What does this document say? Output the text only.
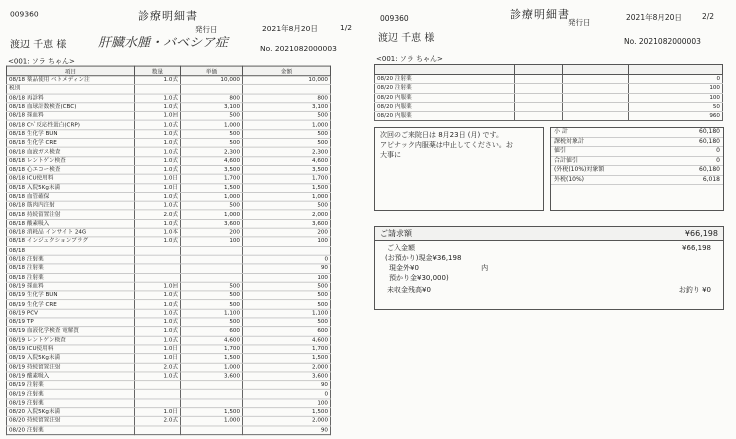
009360	診療明細書
発行日	2021年8月20日	1/2
渡辺 千恵 様 肝臓水腫・バベシア症	No. 2021082000003
<001: ソラ ちゃん>
項目	数量	単価	金額
08/18 薬品使用 ベトメディン注	1.0式	10,000	10,000
税別			
08/18 再診料	1.0式	800	800
08/18 血球計数検査(CBC)	1.0式	3,100	3,100
08/18 採血料	1.0回	500	500
08/18 Cﾊﾞ反応性蛋白(CRP)	1.0式	1,000	1,000
08/18 生化学 BUN	1.0式	500	500
08/18 生化学 CRE	1.0式	500	500
08/18 血液ガス検査	1.0式	2,300	2,300
08/18 レントゲン検査	1.0式	4,600	4,600
08/18 心エコー検査	1.0式	3,500	3,500
08/18 ICU使用料	1.0日	1,700	1,700
08/18 入院5Kg未満	1.0日	1,500	1,500
08/18 血管確保	1.0式	1,000	1,000
08/18 筋肉内注射	1.0式	500	500
08/18 持続留置注射	2.0式	1,000	2,000
08/18 酸素吸入	1.0式	3,600	3,600
08/18 消耗品 インサイト 24G	1.0本	200	200
08/18 インジェクションプラグ	1.0式	100	100
08/18			
08/18 注射薬			0
08/18 注射薬			90
08/18 注射薬			100
08/19 採血料	1.0回	500	500
08/19 生化学 BUN	1.0式	500	500
08/19 生化学 CRE	1.0式	500	500
08/19 PCV	1.0式	1,100	1,100
08/19 TP	1.0式	500	500
08/19 血液化学検査 電解質	1.0式	600	600
08/19 レントゲン検査	1.0式	4,600	4,600
08/19 ICU使用料	1.0日	1,700	1,700
08/19 入院5Kg未満	1.0日	1,500	1,500
08/19 持続留置注射	2.0式	1,000	2,000
08/19 酸素吸入	1.0式	3,600	3,600
08/19 注射薬			90
08/19 注射薬			0
08/19 注射薬			100
08/20 入院5Kg未満	1.0日	1,500	1,500
08/20 持続留置注射	2.0式	1,000	2,000
08/20 注射薬			90
009360	診療明細書
発行日
2021年8月20日	2/2
渡辺 千恵 様	No. 2021082000003
<001: ソラ ちゃん>

08/20 注射薬			0
08/20 注射薬			100
08/20 内服薬			100
08/20 内服薬			50
08/20 内服薬			960
次回のご来院日は 8月23日 (月) です。
アピナック内服薬は中止してください。お
大事に
小 計	60,180
課税対象計	60,180
値引	0
合計値引	0
(外税(10%)対象額	60,180
外税(10%)	6,018
ご請求額	¥66,198
ご入金額	¥66,198
(お預かり)現金¥36,198
現金外¥0	内
預かり金¥30,000)
未収金残高¥0	お釣り ¥0
